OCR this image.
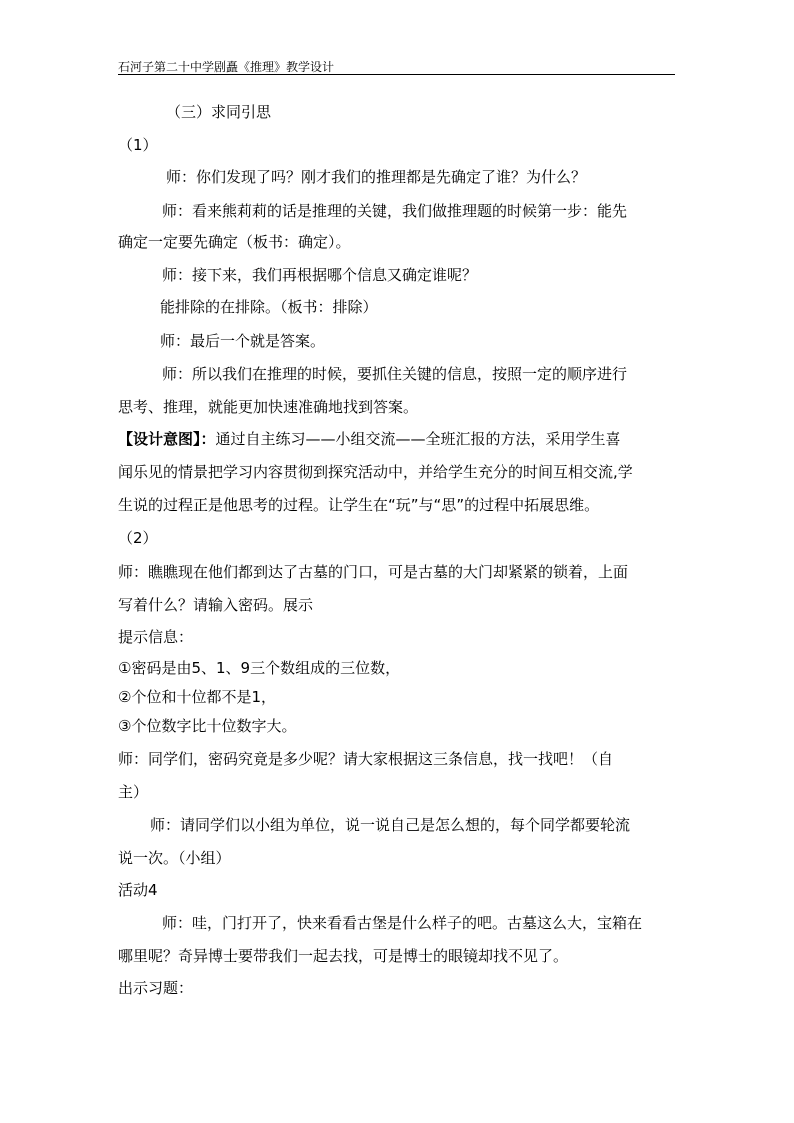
石河子第二十中学剧矗《推理》教学设计
（三）求同引思
（1）
师：你们发现了吗？刚才我们的推理都是先确定了谁？为什么？
师：看来熊莉莉的话是推理的关键，我们做推理题的时候第一步：能先
确定一定要先确定（板书：确定）。
师：接下来，我们再根据哪个信息又确定谁呢？
能排除的在排除。（板书：排除）
师：最后一个就是答案。
师：所以我们在推理的时候，要抓住关键的信息，按照一定的顺序进行
思考、推理，就能更加快速准确地找到答案。
【设计意图】：通过自主练习——小组交流——全班汇报的方法，采用学生喜
闻乐见的情景把学习内容贯彻到探究活动中，并给学生充分的时间互相交流,学
生说的过程正是他思考的过程。让学生在“玩”与“思”的过程中拓展思维。
（2）
师：瞧瞧现在他们都到达了古墓的门口，可是古墓的大门却紧紧的锁着，上面
写着什么？请输入密码。展示
提示信息：
①密码是由5、1、9三个数组成的三位数，
②个位和十位都不是1，
③个位数字比十位数字大。
师：同学们，密码究竟是多少呢？请大家根据这三条信息，找一找吧！（自
主）
师：请同学们以小组为单位，说一说自己是怎么想的，每个同学都要轮流
说一次。（小组）
活动4
师：哇，门打开了，快来看看古堡是什么样子的吧。古墓这么大，宝箱在
哪里呢？奇异博士要带我们一起去找，可是博士的眼镜却找不见了。
出示习题：
